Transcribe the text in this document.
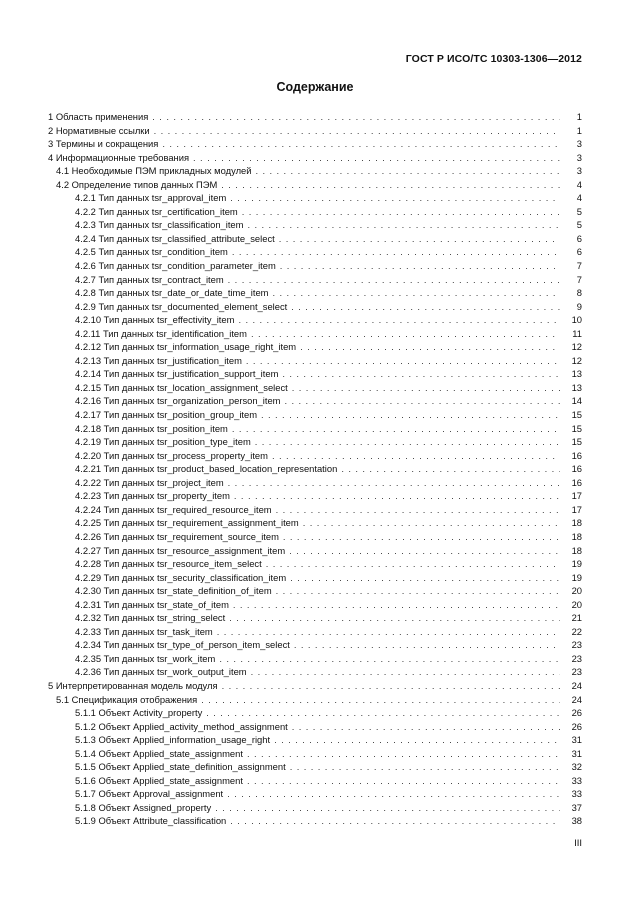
ГОСТ Р ИСО/ТС 10303-1306—2012
Содержание
1 Область применения . . .	1
2 Нормативные ссылки . . .	1
3 Термины и сокращения . . .	3
4 Информационные требования . . .	3
4.1 Необходимые ПЭМ прикладных модулей . . .	3
4.2 Определение типов данных ПЭМ . . .	4
4.2.1 Тип данных tsr_approval_item . . .	4
4.2.2 Тип данных tsr_certification_item . . .	5
4.2.3 Тип данных tsr_classification_item . . .	5
4.2.4 Тип данных tsr_classified_attribute_select . . .	6
4.2.5 Тип данных tsr_condition_item . . .	6
4.2.6 Тип данных tsr_condition_parameter_item . . .	7
4.2.7 Тип данных tsr_contract_item . . .	7
4.2.8 Тип данных tsr_date_or_date_time_item . . .	8
4.2.9 Тип данных tsr_documented_element_select . . .	9
4.2.10 Тип данных tsr_effectivity_item . . .	10
4.2.11 Тип данных tsr_identification_item . . .	11
4.2.12 Тип данных tsr_information_usage_right_item . . .	12
4.2.13 Тип данных tsr_justification_item . . .	12
4.2.14 Тип данных tsr_justification_support_item . . .	13
4.2.15 Тип данных tsr_location_assignment_select . . .	13
4.2.16 Тип данных tsr_organization_person_item . . .	14
4.2.17 Тип данных tsr_position_group_item . . .	15
4.2.18 Тип данных tsr_position_item . . .	15
4.2.19 Тип данных tsr_position_type_item . . .	15
4.2.20 Тип данных tsr_process_property_item . . .	16
4.2.21 Тип данных tsr_product_based_location_representation . . .	16
4.2.22 Тип данных tsr_project_item . . .	16
4.2.23 Тип данных tsr_property_item . . .	17
4.2.24 Тип данных tsr_required_resource_item . . .	17
4.2.25 Тип данных tsr_requirement_assignment_item . . .	18
4.2.26 Тип данных tsr_requirement_source_item . . .	18
4.2.27 Тип данных tsr_resource_assignment_item . . .	18
4.2.28 Тип данных tsr_resource_item_select . . .	19
4.2.29 Тип данных tsr_security_classification_item . . .	19
4.2.30 Тип данных tsr_state_definition_of_item . . .	20
4.2.31 Тип данных tsr_state_of_item . . .	20
4.2.32 Тип данных tsr_string_select . . .	21
4.2.33 Тип данных tsr_task_item . . .	22
4.2.34 Тип данных tsr_type_of_person_item_select . . .	23
4.2.35 Тип данных tsr_work_item . . .	23
4.2.36 Тип данных tsr_work_output_item . . .	23
5 Интерпретированная модель модуля . . .	24
5.1 Спецификация отображения . . .	24
5.1.1 Объект Activity_property . . .	26
5.1.2 Объект Applied_activity_method_assignment . . .	26
5.1.3 Объект Applied_information_usage_right . . .	31
5.1.4 Объект Applied_state_assignment . . .	31
5.1.5 Объект Applied_state_definition_assignment . . .	32
5.1.6 Объект Applied_state_assignment . . .	33
5.1.7 Объект Approval_assignment . . .	33
5.1.8 Объект Assigned_property . . .	37
5.1.9 Объект Attribute_classification . . .	38
III
